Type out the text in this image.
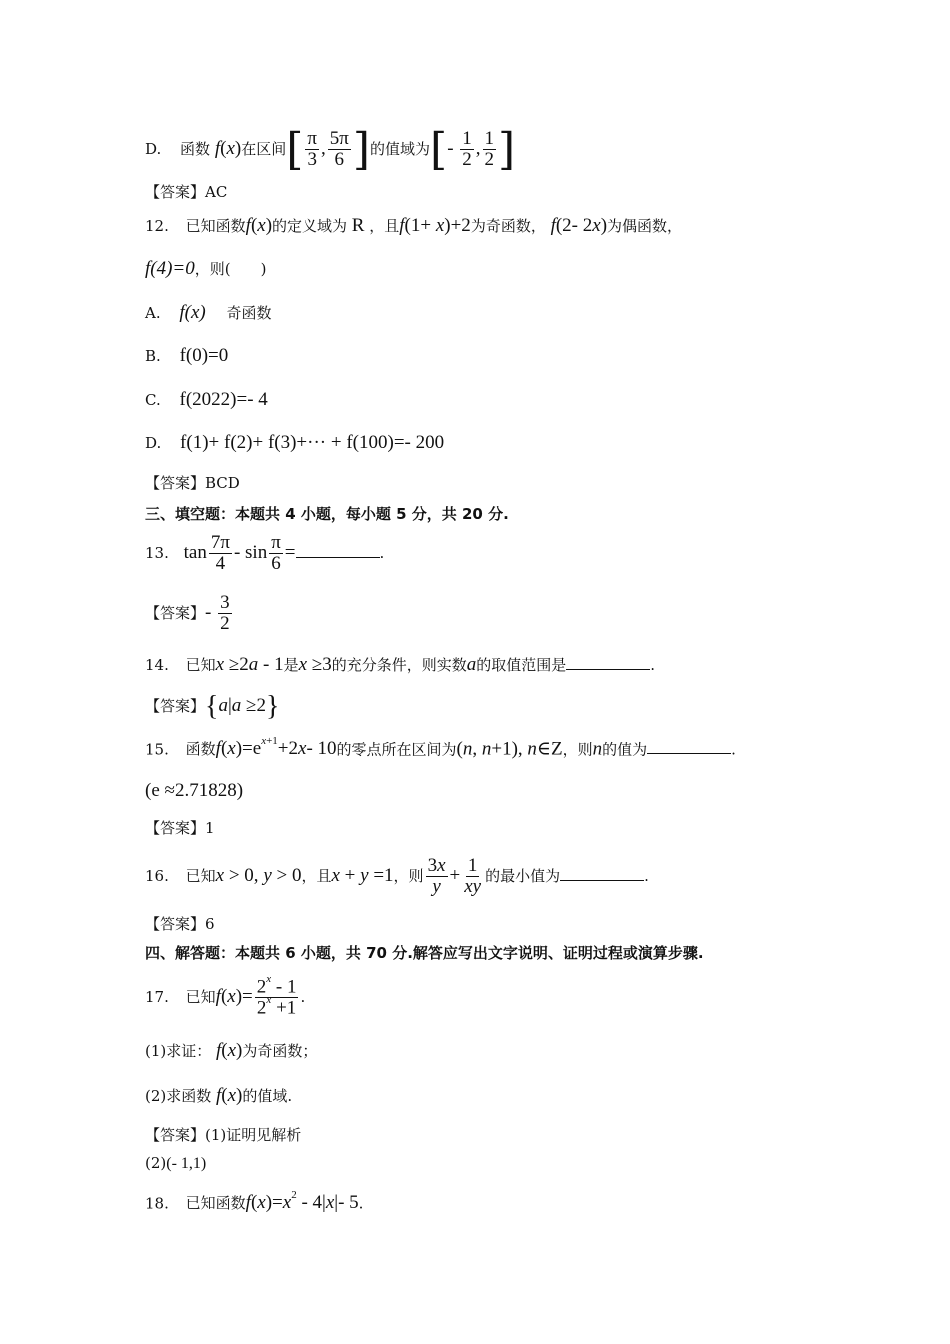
D. 函数 f(x)在区间[ $\frac{\pi}{3}$ , $\frac{5\pi}{6}$ ]的值域为[- $\frac{1}{2}$ , $\frac{1}{2}$ ]
【答案】AC
12. 已知函数f(x)的定义域为 R ，且f(1+ x)+2为奇函数， f(2- 2x)为偶函数，
f(4)=0，则(　　)
A. f(x) 奇函数
B. f(0)=0
C. f(2022)=- 4
D. f(1)+ f(2)+ f(3)+··· + f(100)=- 200
【答案】BCD
三、填空题：本题共 4 小题，每小题 5 分，共 20 分.
13. $\tan \frac{7\pi}{4}$ - $\sin \frac{\pi}{6}$ =	.
【答案】- $\frac{3}{2}$
14. 已知x ≥2a - 1是x ≥3的充分条件，则实数a的取值范围是	.
【答案】{a|a ≥2}
15. 函数$f(x)=e^{x+1}+2x-$ 10的零点所在区间为(n, n+1), n∈Z，则n的值为	.
(e ≈2.71828)
【答案】1
16. 已知x > 0, y > 0，且x + y =1，则 $\frac{3x}{y} + \frac{1}{xy}$ 的最小值为	.
【答案】6
四、解答题：本题共 6 小题，共 70 分.解答应写出文字说明、证明过程或演算步骤.
17. 已知$f(x)= \frac{2^x - 1}{2^x +1}$ .
(1)求证： f(x)为奇函数；
(2)求函数 f(x)的值域.
【答案】(1)证明见解析
(2)(- 1,1)
18. 已知函数$f(x)=x^2 - 4|x|-$ 5.
